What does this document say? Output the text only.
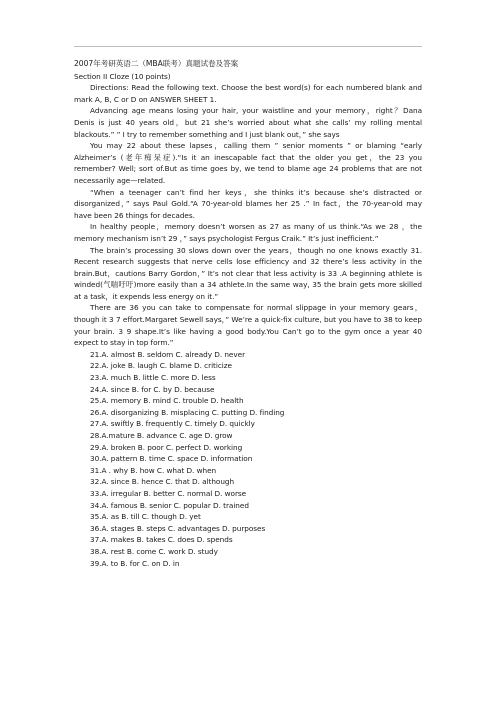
2007年考研英语二（MBA联考）真题试卷及答案

Section II Cloze (10 points)

Directions: Read the following text. Choose the best word(s) for each numbered blank and mark A, B, C or D on ANSWER SHEET 1.

Advancing age means losing your hair, your waistline and your memory，right？Dana Denis is just 40 years old，but 21 she’s worried about what she calls’ my rolling mental blackouts.” ” I try to remember something and I just blank out，” she says

You may 22 about these lapses，calling them ” senior moments ” or blaming “early Alzheimer’s (老年痴呆症).“Is it an inescapable fact that the older you get，the 23 you remember? Well; sort of.But as time goes by, we tend to blame age 24 problems that are not necessarily age—related.

“When a teenager can’t find her keys，she thinks it’s because she’s distracted or disorganized，” says Paul Gold.“A 70-year-old blames her 25 .” In fact，the 70-year-old may have been 26 things for decades.

In healthy people，memory doesn’t worsen as 27 as many of us think.“As we 28 ，the memory mechanism isn’t 29 ，” says psychologist Fergus Craik.” It’s just inefficient.”

The brain’s processing 30 slows down over the years，though no one knows exactly 31. Recent research suggests that nerve cells lose efficiency and 32 there’s less activity in the brain.But，cautions Barry Gordon，” It’s not clear that less activity is 33 .A beginning athlete is winded(气喘吁吁)more easily than a 34 athlete.In the same way, 35 the brain gets more skilled at a task，it expends less energy on it.”

There are 36 you can take to compensate for normal slippage in your memory gears，though it 3 7 effort.Margaret Sewell says，” We’re a quick-fix culture, but you have to 38 to keep your brain. 3 9 shape.It’s like having a good body.You Can’t go to the gym once a year 40 expect to stay in top form.”

21.A. almost B. seldom C. already D. never

22.A. joke B. laugh C. blame D. criticize

23.A. much B. little C. more D. less

24.A. since B. for C. by D. because

25.A. memory B. mind C. trouble D. health

26.A. disorganizing B. misplacing C. putting D. finding

27.A. swiftly B. frequently C. timely D. quickly

28.A.mature B. advance C. age D. grow

29.A. broken B. poor C. perfect D. working

30.A. pattern B. time C. space D. information

31.A . why B. how C. what D. when

32.A. since B. hence C. that D. although

33.A. irregular B. better C. normal D. worse

34.A. famous B. senior C. popular D. trained

35.A. as B. till C. though D. yet

36.A. stages B. steps C. advantages D. purposes

37.A. makes B. takes C. does D. spends

38.A. rest B. come C. work D. study

39.A. to B. for C. on D. in
